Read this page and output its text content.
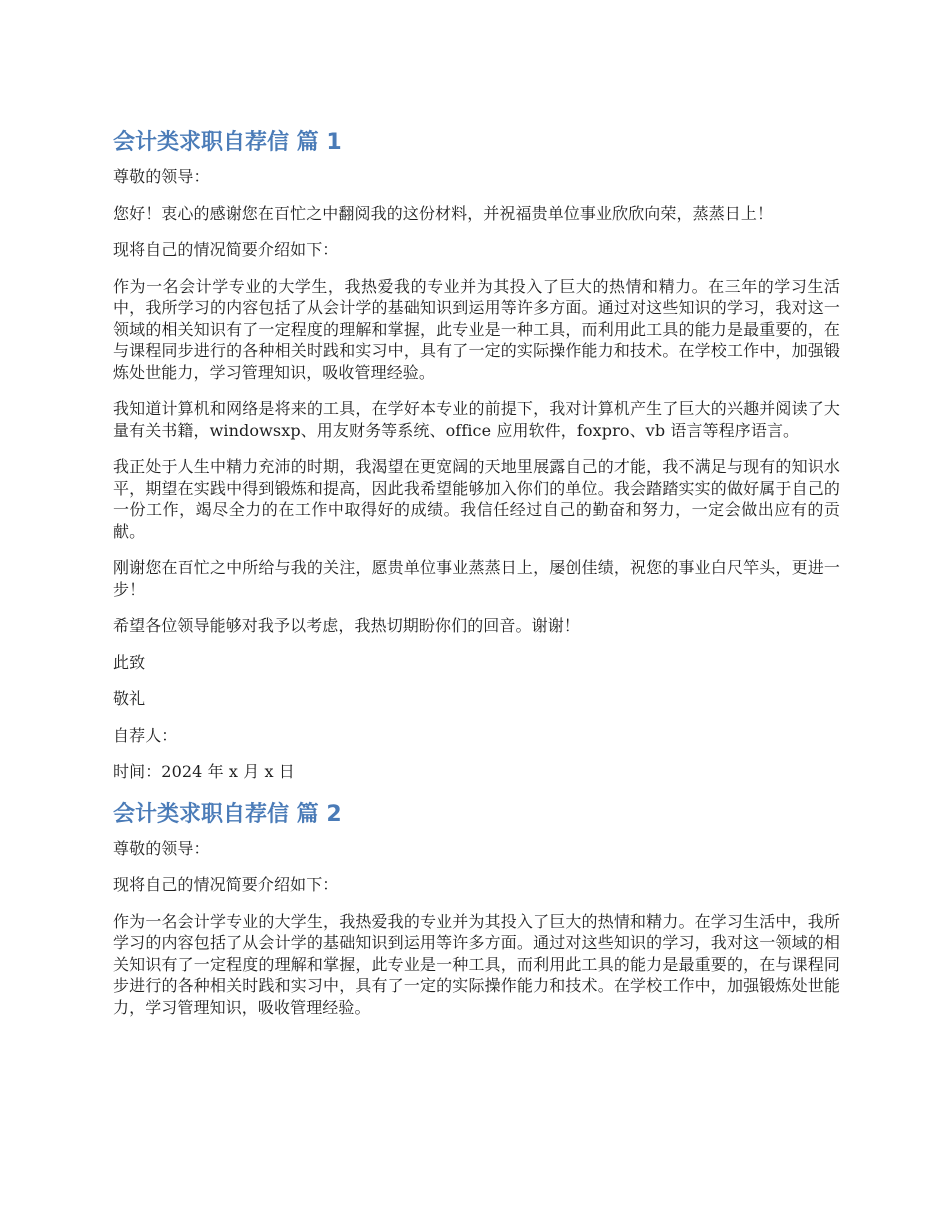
会计类求职自荐信 篇 1

尊敬的领导：

您好！衷心的感谢您在百忙之中翻阅我的这份材料，并祝福贵单位事业欣欣向荣，蒸蒸日上！

现将自己的情况简要介绍如下：

作为一名会计学专业的大学生，我热爱我的专业并为其投入了巨大的热情和精力。在三年的学习生活中，我所学习的内容包括了从会计学的基础知识到运用等许多方面。通过对这些知识的学习，我对这一领域的相关知识有了一定程度的理解和掌握，此专业是一种工具，而利用此工具的能力是最重要的，在与课程同步进行的各种相关时践和实习中，具有了一定的实际操作能力和技术。在学校工作中，加强锻炼处世能力，学习管理知识，吸收管理经验。

我知道计算机和网络是将来的工具，在学好本专业的前提下，我对计算机产生了巨大的兴趣并阅读了大量有关书籍，windowsxp、用友财务等系统、office 应用软件，foxpro、vb 语言等程序语言。

我正处于人生中精力充沛的时期，我渴望在更宽阔的天地里展露自己的才能，我不满足与现有的知识水平，期望在实践中得到锻炼和提高，因此我希望能够加入你们的单位。我会踏踏实实的做好属于自己的一份工作，竭尽全力的在工作中取得好的成绩。我信任经过自己的勤奋和努力，一定会做出应有的贡献。

刚谢您在百忙之中所给与我的关注，愿贵单位事业蒸蒸日上，屡创佳绩，祝您的事业白尺竿头，更进一步！

希望各位领导能够对我予以考虑，我热切期盼你们的回音。谢谢！

此致

敬礼

自荐人：

时间：2024 年 x 月 x 日

会计类求职自荐信 篇 2

尊敬的领导：

现将自己的情况简要介绍如下：

作为一名会计学专业的大学生，我热爱我的专业并为其投入了巨大的热情和精力。在学习生活中，我所学习的内容包括了从会计学的基础知识到运用等许多方面。通过对这些知识的学习，我对这一领域的相关知识有了一定程度的理解和掌握，此专业是一种工具，而利用此工具的能力是最重要的，在与课程同步进行的各种相关时践和实习中，具有了一定的实际操作能力和技术。在学校工作中，加强锻炼处世能力，学习管理知识，吸收管理经验。
